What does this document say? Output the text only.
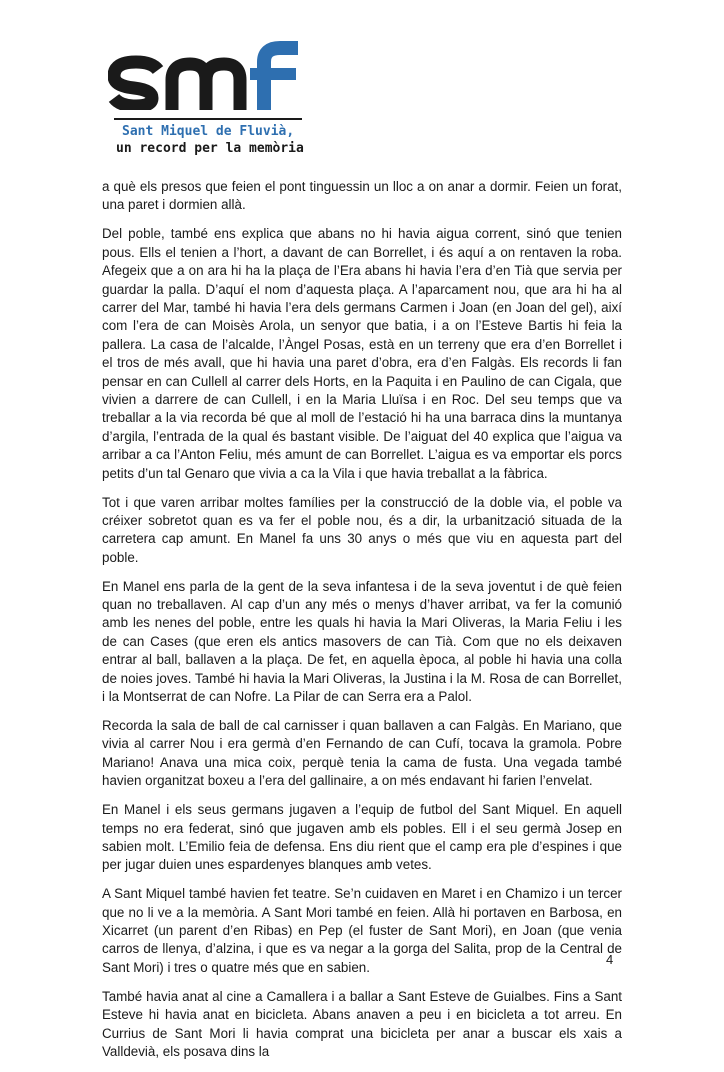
Sant Miquel de Fluvià,

un record per la memòria

a què els presos que feien el pont tinguessin un lloc a on anar a dormir. Feien un forat, una paret i dormien allà.

Del poble, també ens explica que abans no hi havia aigua corrent, sinó que tenien pous. Ells el tenien a l’hort, a davant de can Borrellet, i és aquí a on rentaven la roba. Afegeix que a on ara hi ha la plaça de l’Era abans hi havia l’era d’en Tià que servia per guardar la palla. D’aquí el nom d’aquesta plaça. A l’aparcament nou, que ara hi ha al carrer del Mar, també hi havia l’era dels germans Carmen i Joan (en Joan del gel), així com l’era de can Moisès Arola, un senyor que batia, i a on l’Esteve Bartis hi feia la pallera. La casa de l’alcalde, l’Àngel Posas, està en un terreny que era d’en Borrellet i el tros de més avall, que hi havia una paret d’obra, era d’en Falgàs. Els records li fan pensar en can Cullell al carrer dels Horts, en la Paquita i en Paulino de can Cigala, que vivien a darrere de can Cullell, i en la Maria Lluïsa i en Roc. Del seu temps que va treballar a la via recorda bé que al moll de l’estació hi ha una barraca dins la muntanya d’argila, l’entrada de la qual és bastant visible. De l’aiguat del 40 explica que l’aigua va arribar a ca l’Anton Feliu, més amunt de can Borrellet. L’aigua es va emportar els porcs petits d’un tal Genaro que vivia a ca la Vila i que havia treballat a la fàbrica.

Tot i que varen arribar moltes famílies per la construcció de la doble via, el poble va créixer sobretot quan es va fer el poble nou, és a dir, la urbanització situada de la carretera cap amunt. En Manel fa uns 30 anys o més que viu en aquesta part del poble.

En Manel ens parla de la gent de la seva infantesa i de la seva joventut i de què feien quan no treballaven. Al cap d’un any més o menys d’haver arribat, va fer la comunió amb les nenes del poble, entre les quals hi havia la Mari Oliveras, la Maria Feliu i les de can Cases (que eren els antics masovers de can Tià. Com que no els deixaven entrar al ball, ballaven a la plaça. De fet, en aquella època, al poble hi havia una colla de noies joves. També hi havia la Mari Oliveras, la Justina i la M. Rosa de can Borrellet, i la Montserrat de can Nofre. La Pilar de can Serra era a Palol.

Recorda la sala de ball de cal carnisser i quan ballaven a can Falgàs. En Mariano, que vivia al carrer Nou i era germà d’en Fernando de can Cufí, tocava la gramola. Pobre Mariano! Anava una mica coix, perquè tenia la cama de fusta. Una vegada també havien organitzat boxeu a l’era del gallinaire, a on més endavant hi farien l’envelat.

En Manel i els seus germans jugaven a l’equip de futbol del Sant Miquel. En aquell temps no era federat, sinó que jugaven amb els pobles. Ell i el seu germà Josep en sabien molt. L’Emilio feia de defensa. Ens diu rient que el camp era ple d’espines i que per jugar duien unes espardenyes blanques amb vetes.

A Sant Miquel també havien fet teatre. Se’n cuidaven en Maret i en Chamizo i un tercer que no li ve a la memòria. A Sant Mori també en feien. Allà hi portaven en Barbosa, en Xicarret (un parent d’en Ribas) en Pep (el fuster de Sant Mori), en Joan (que venia carros de llenya, d’alzina, i que es va negar a la gorga del Salita, prop de la Central de Sant Mori) i tres o quatre més que en sabien.

També havia anat al cine a Camallera i a ballar a Sant Esteve de Guialbes. Fins a Sant Esteve hi havia anat en bicicleta. Abans anaven a peu i en bicicleta a tot arreu. En Currius de Sant Mori li havia comprat una bicicleta per anar a buscar els xais a Valldevià, els posava dins la

4
